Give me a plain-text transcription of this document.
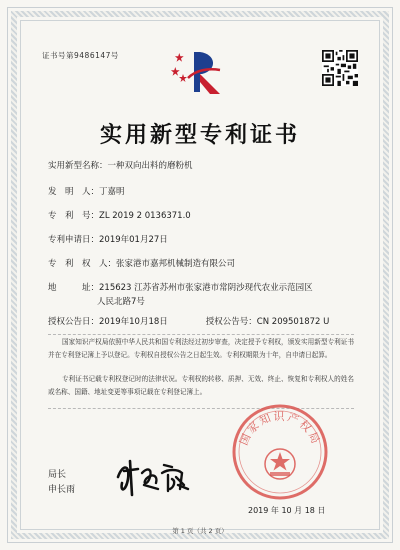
证书号第9486147号
实用新型专利证书
实用新型名称：一种双向出料的磨粉机
发　明　人：丁嘉明
专　利　号：ZL 2019 2 0136371.0
专利申请日：2019年01月27日
专　利　权　人：张家港市嘉邦机械制造有限公司
地　　　址：215623 江苏省苏州市张家港市常阴沙现代农业示范园区
人民北路7号
授权公告日：2019年10月18日	授权公告号：CN 209501872 U
国家知识产权局依照中华人民共和国专利法经过初步审查，决定授予专利权，颁发实用新型专利证书并在专利登记簿上予以登记。专利权自授权公告之日起生效。专利权期限为十年，自申请日起算。
专利证书记载专利权登记时的法律状况。专利权的转移、质押、无效、终止、恢复和专利权人的姓名或名称、国籍、地址变更等事项记载在专利登记簿上。
局长
申长雨
国家知识产权局
2019 年 10 月 18 日
第 1 页（共 2 页）
